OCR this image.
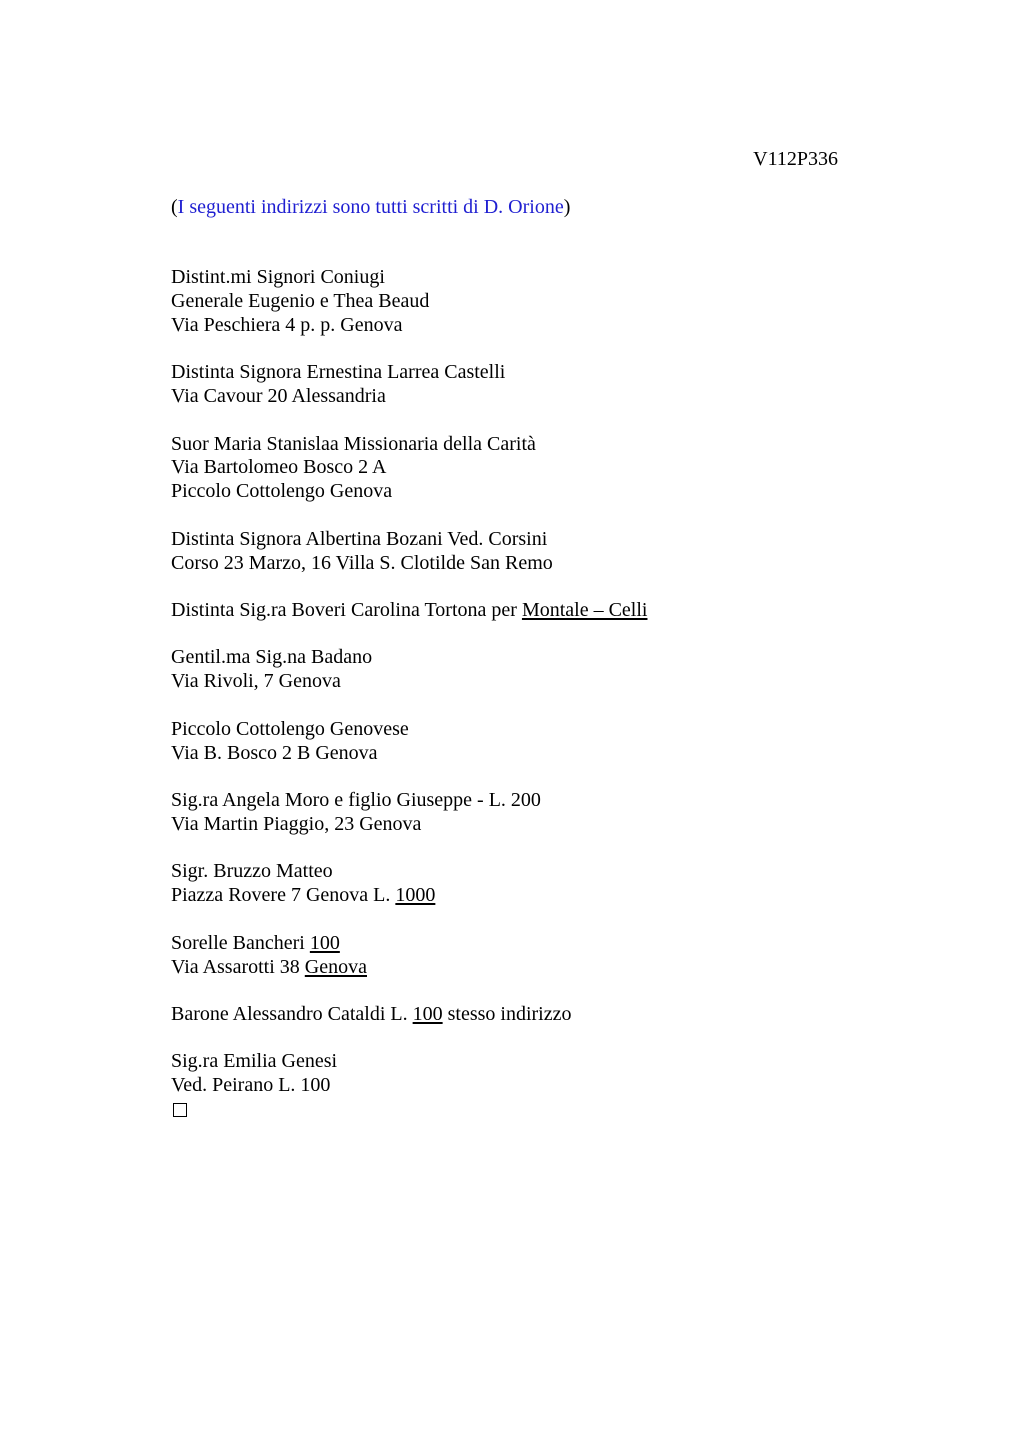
V112P336
(I seguenti indirizzi sono tutti scritti di D. Orione)
Distint.mi Signori Coniugi
Generale Eugenio e Thea Beaud
Via Peschiera 4 p. p. Genova
Distinta Signora Ernestina Larrea Castelli
Via Cavour 20 Alessandria
Suor Maria Stanislaa Missionaria della Carità
Via Bartolomeo Bosco 2 A
Piccolo Cottolengo Genova
Distinta Signora Albertina Bozani Ved. Corsini
Corso 23 Marzo, 16 Villa S. Clotilde San Remo
Distinta Sig.ra Boveri Carolina Tortona per Montale – Celli
Gentil.ma Sig.na Badano
Via Rivoli, 7 Genova
Piccolo Cottolengo Genovese
Via B. Bosco 2 B Genova
Sig.ra Angela Moro e figlio Giuseppe - L. 200
Via Martin Piaggio, 23 Genova
Sigr. Bruzzo Matteo
Piazza Rovere 7 Genova L. 1000
Sorelle Bancheri 100
Via Assarotti 38 Genova
Barone Alessandro Cataldi L. 100 stesso indirizzo
Sig.ra Emilia Genesi
Ved. Peirano L. 100
